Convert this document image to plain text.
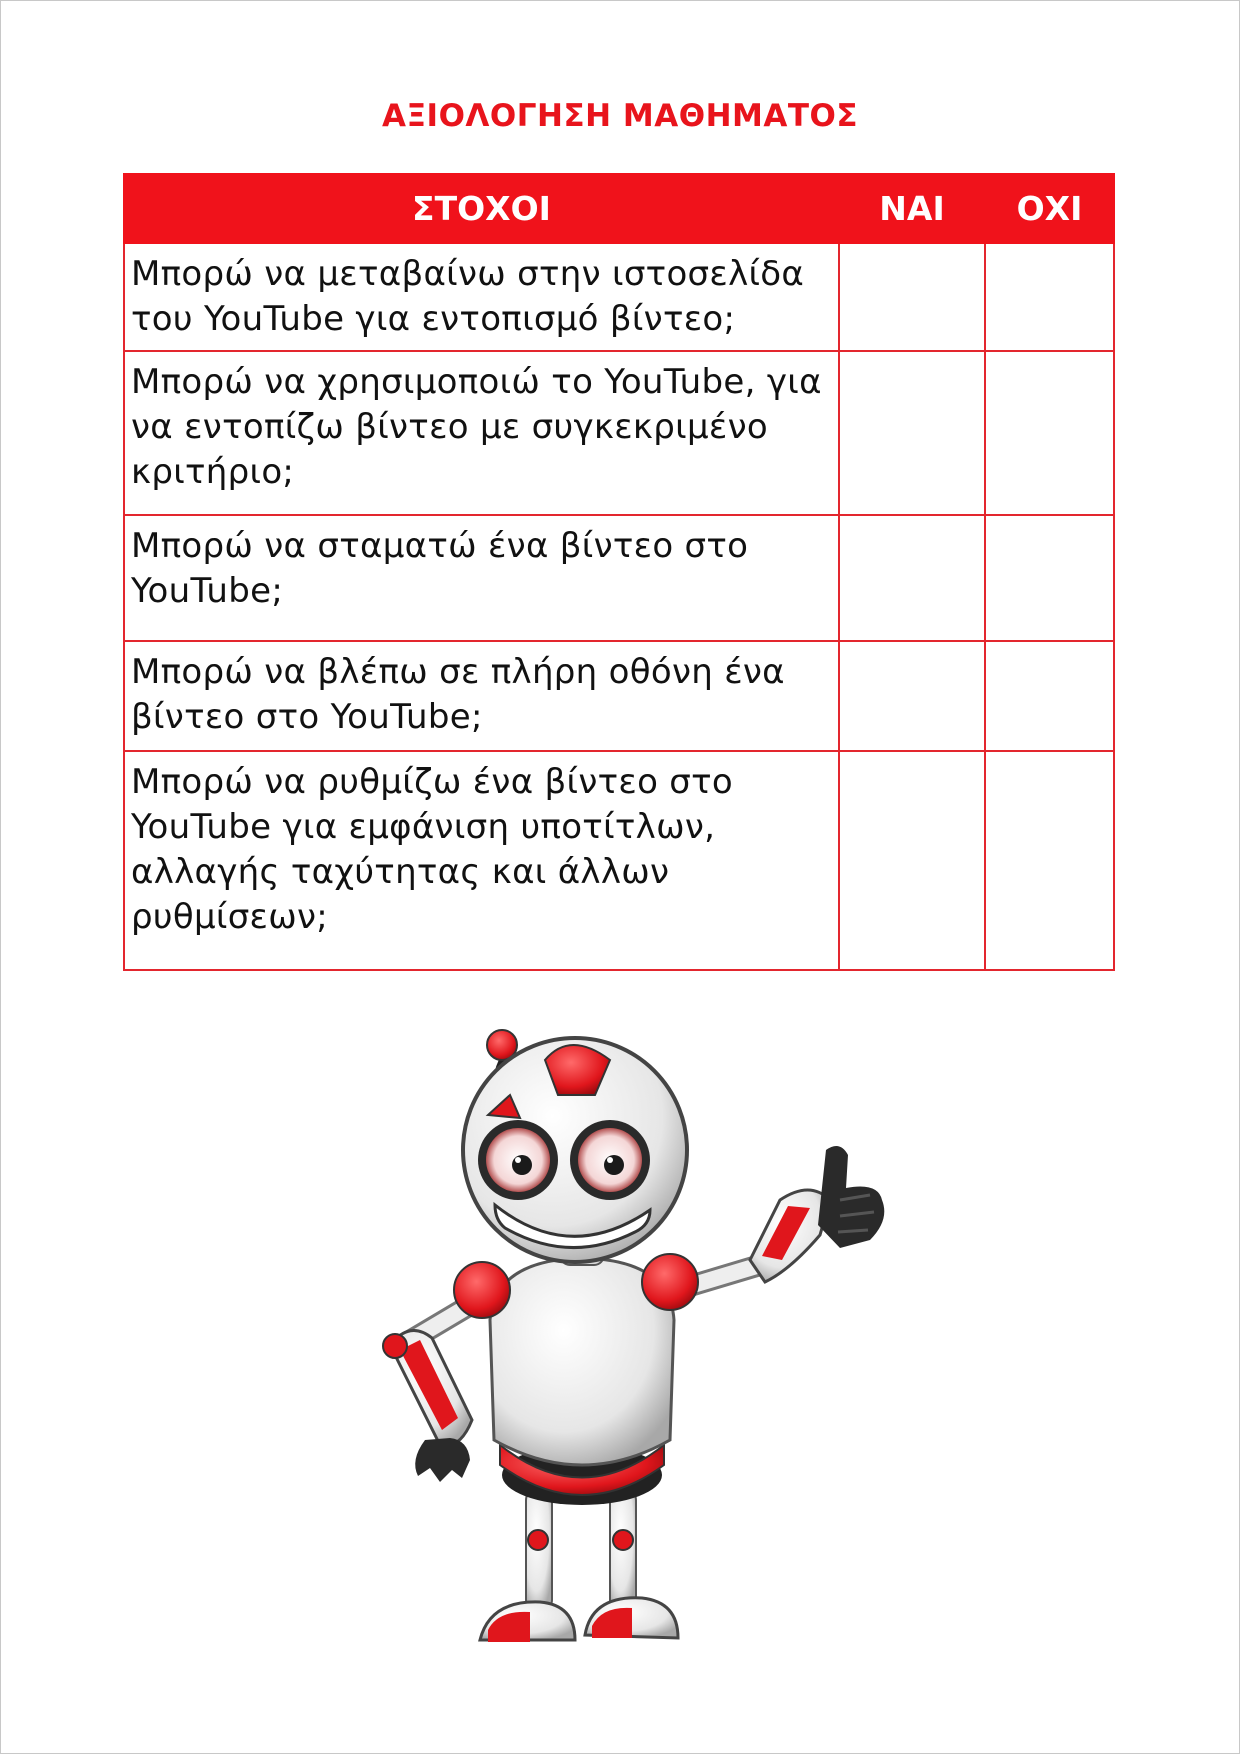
ΑΞΙΟΛΟΓΗΣΗ ΜΑΘΗΜΑΤΟΣ
ΣΤΟΧΟΙ	ΝΑΙ	ΟΧΙ
Μπορώ να μεταβαίνω στην ιστοσελίδα του YouTube για εντοπισμό βίντεο;		
Μπορώ να χρησιμοποιώ το YouTube, για να εντοπίζω βίντεο με συγκεκριμένο κριτήριο;		
Μπορώ να σταματώ ένα βίντεο στο YouTube;		
Μπορώ να βλέπω σε πλήρη οθόνη ένα βίντεο στο YouTube;		
Μπορώ να ρυθμίζω ένα βίντεο στο YouTube για εμφάνιση υποτίτλων, αλλαγής ταχύτητας και άλλων ρυθμίσεων;		
